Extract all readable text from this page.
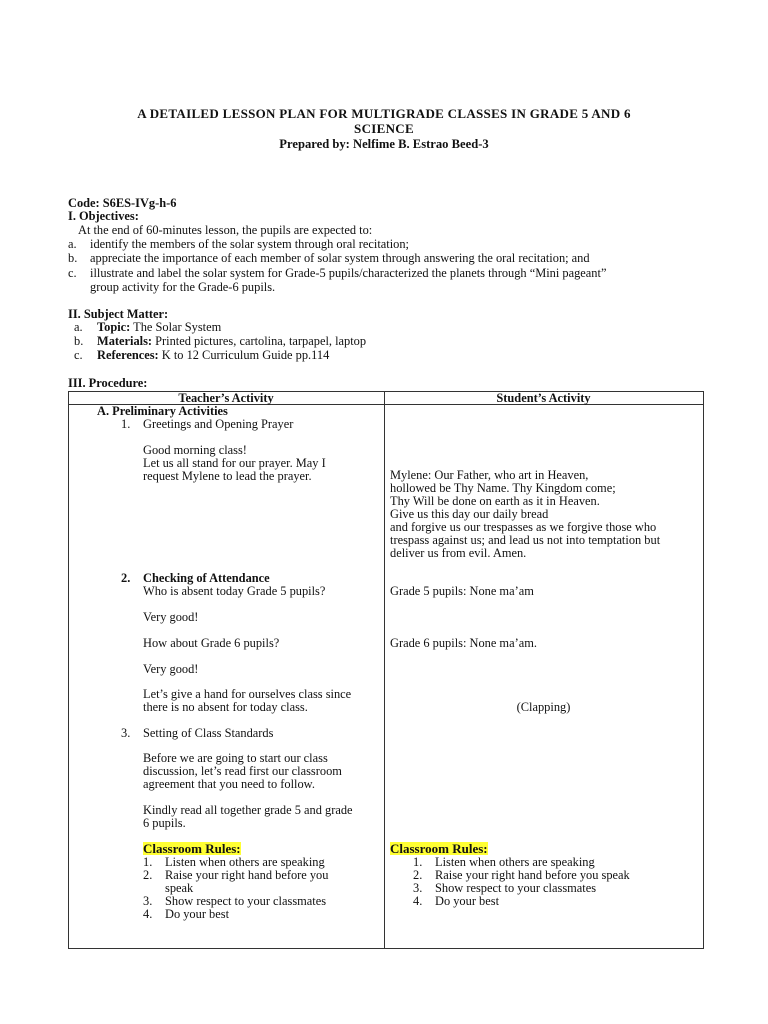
A DETAILED LESSON PLAN FOR MULTIGRADE CLASSES IN GRADE 5 AND 6
SCIENCE
Prepared by: Nelfime B. Estrao Beed-3
Code: S6ES-IVg-h-6
I. Objectives:
At the end of 60-minutes lesson, the pupils are expected to:
a. identify the members of the solar system through oral recitation;
b. appreciate the importance of each member of solar system through answering the oral recitation; and
c. illustrate and label the solar system for Grade-5 pupils/characterized the planets through “Mini pageant”
group activity for the Grade-6 pupils.
II. Subject Matter:
a. Topic: The Solar System
b. Materials: Printed pictures, cartolina, tarpapel, laptop
c. References: K to 12 Curriculum Guide pp.114
III. Procedure:
Teacher’s Activity	Student’s Activity
A. Preliminary Activities
1. Greetings and Opening Prayer
Good morning class!
Let us all stand for our prayer. May I
request Mylene to lead the prayer.
2. Checking of Attendance
Who is absent today Grade 5 pupils?
Very good!
How about Grade 6 pupils?
Very good!
Let’s give a hand for ourselves class since
there is no absent for today class.
3. Setting of Class Standards
Before we are going to start our class
discussion, let’s read first our classroom
agreement that you need to follow.
Kindly read all together grade 5 and grade
6 pupils.
Classroom Rules:
1. Listen when others are speaking
2. Raise your right hand before you
speak
3. Show respect to your classmates
4. Do your best
Mylene: Our Father, who art in Heaven,
hollowed be Thy Name. Thy Kingdom come;
Thy Will be done on earth as it in Heaven.
Give us this day our daily bread
and forgive us our trespasses as we forgive those who
trespass against us; and lead us not into temptation but
deliver us from evil. Amen.
Grade 5 pupils: None ma’am
Grade 6 pupils: None ma’am.
(Clapping)
Classroom Rules:
1. Listen when others are speaking
2. Raise your right hand before you speak
3. Show respect to your classmates
4. Do your best
